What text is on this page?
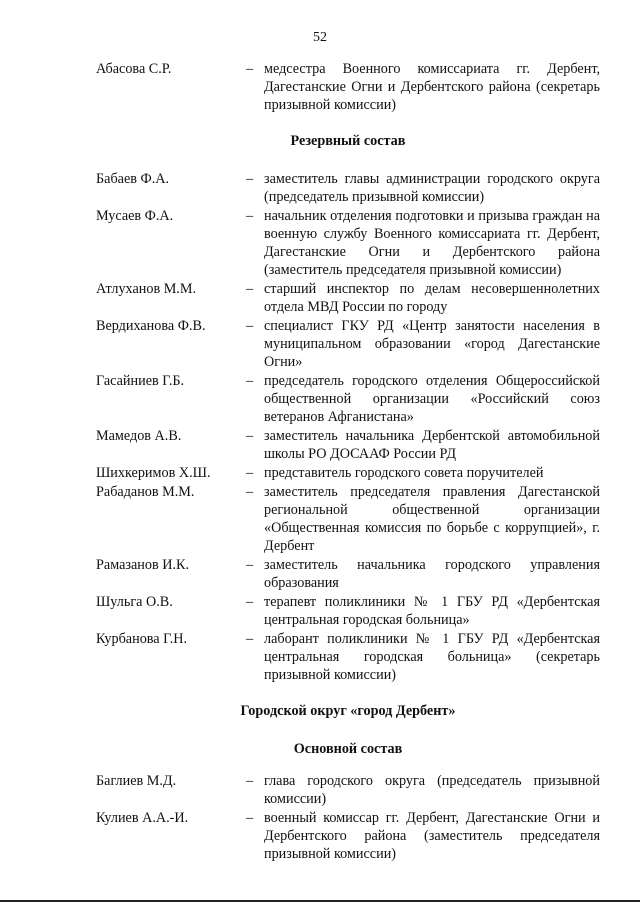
52
Абасова С.Р.	– медсестра Военного комиссариата гг. Дербент, Дагестанские Огни и Дербентского района (секретарь призывной комиссии)
Резервный состав
Бабаев Ф.А.	– заместитель главы администрации городского округа (председатель призывной комиссии)
Мусаев Ф.А.	– начальник отделения подготовки и призыва граждан на военную службу Военного комиссариата гг. Дербент, Дагестанские Огни и Дербентского района (заместитель председателя призывной комиссии)
Атлуханов М.М.	– старший инспектор по делам несовершеннолетних отдела МВД России по городу
Вердиханова Ф.В.	– специалист ГКУ РД «Центр занятости населения в муниципальном образовании «город Дагестанские Огни»
Гасайниев Г.Б.	– председатель городского отделения Общероссийской общественной организации «Российский союз ветеранов Афганистана»
Мамедов А.В.	– заместитель начальника Дербентской автомобильной школы РО ДОСААФ России РД
Шихкеримов Х.Ш.	– представитель городского совета поручителей
Рабаданов М.М.	– заместитель председателя правления Дагестанской региональной общественной организации «Общественная комиссия по борьбе с коррупцией», г. Дербент
Рамазанов И.К.	– заместитель начальника городского управления образования
Шульга О.В.	– терапевт поликлиники № 1 ГБУ РД «Дербентская центральная городская больница»
Курбанова Г.Н.	– лаборант поликлиники № 1 ГБУ РД «Дербентская центральная городская больница» (секретарь призывной комиссии)
Городской округ «город Дербент»
Основной состав
Баглиев М.Д.	– глава городского округа (председатель призывной комиссии)
Кулиев А.А.-И.	– военный комиссар гг. Дербент, Дагестанские Огни и Дербентского района (заместитель председателя призывной комиссии)
